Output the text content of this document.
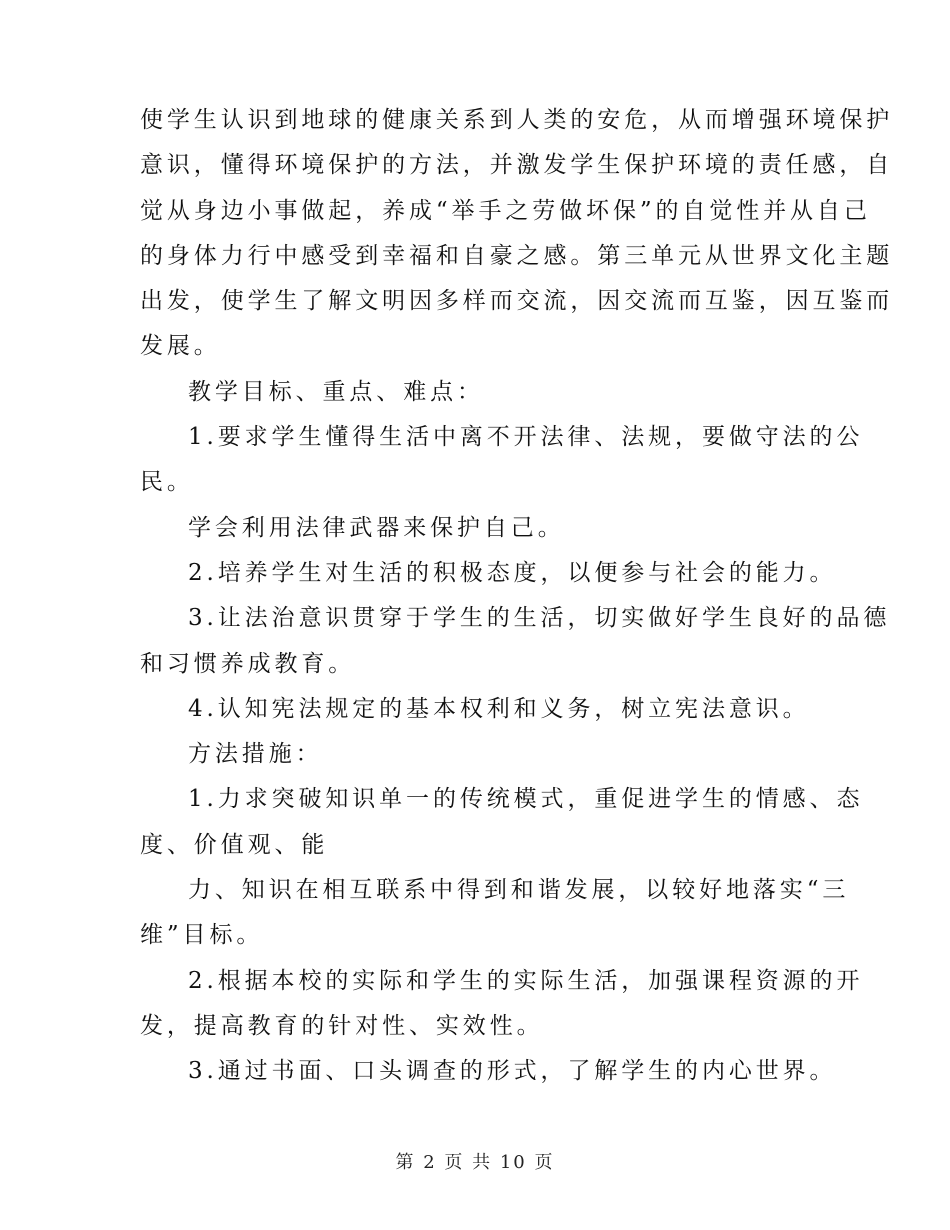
使学生认识到地球的健康关系到人类的安危，从而增强环境保护
意识，懂得环境保护的方法，并激发学生保护环境的责任感，自
觉从身边小事做起，养成“举手之劳做坏保”的自觉性并从自己
的身体力行中感受到幸福和自豪之感。第三单元从世界文化主题
出发，使学生了解文明因多样而交流，因交流而互鉴，因互鉴而
发展。
教学目标、重点、难点：
1.要求学生懂得生活中离不开法律、法规，要做守法的公
民。
学会利用法律武器来保护自己。
2.培养学生对生活的积极态度，以便参与社会的能力。
3.让法治意识贯穿于学生的生活，切实做好学生良好的品德
和习惯养成教育。
4.认知宪法规定的基本权利和义务，树立宪法意识。
方法措施：
1.力求突破知识单一的传统模式，重促进学生的情感、态
度、价值观、能
力、知识在相互联系中得到和谐发展，以较好地落实“三
维”目标。
2.根据本校的实际和学生的实际生活，加强课程资源的开
发，提高教育的针对性、实效性。
3.通过书面、口头调查的形式，了解学生的内心世界。
第 2 页 共 10 页
